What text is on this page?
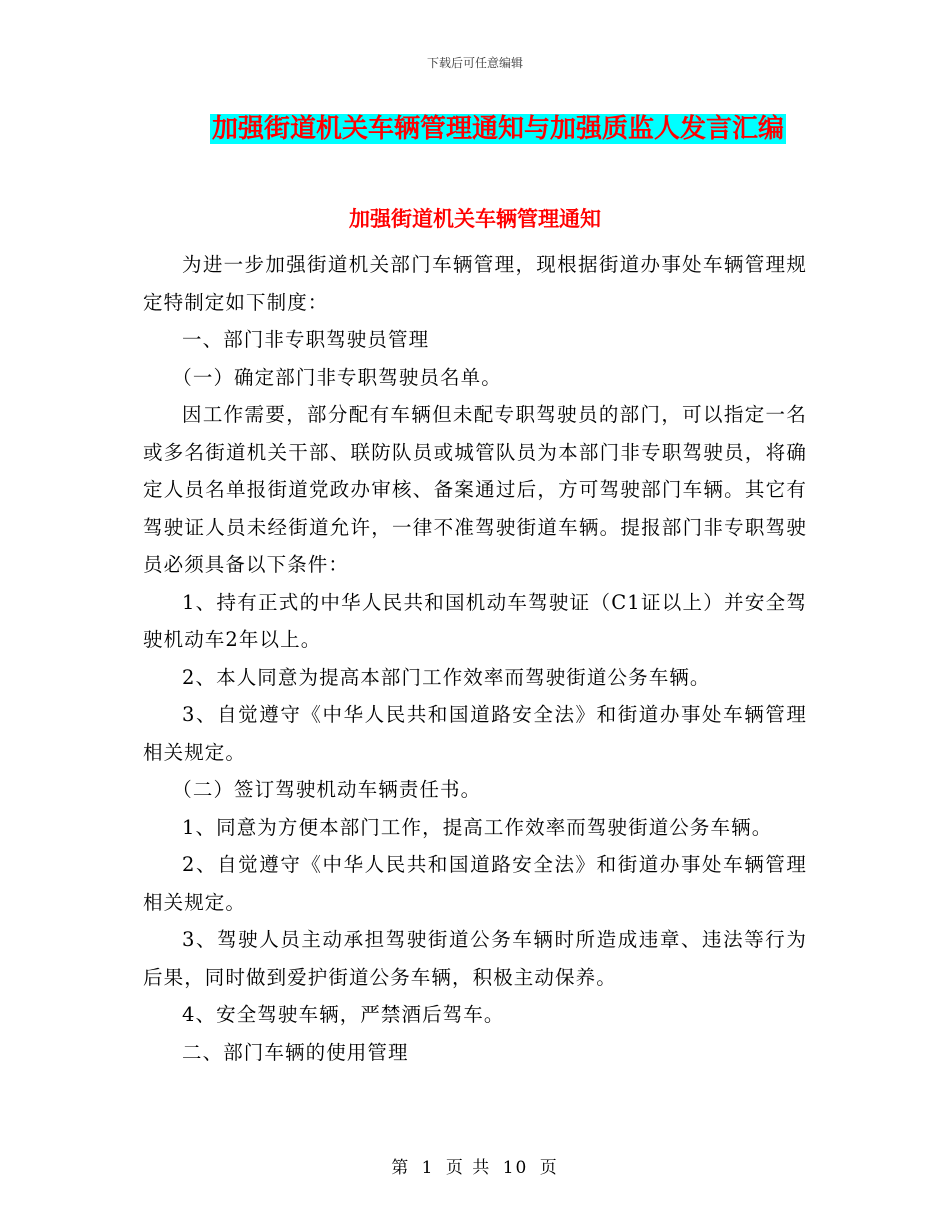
下载后可任意编辑
加强街道机关车辆管理通知与加强质监人发言汇编
加强街道机关车辆管理通知

为进一步加强街道机关部门车辆管理，现根据街道办事处车辆管理规定特制定如下制度：

一、部门非专职驾驶员管理

（一）确定部门非专职驾驶员名单。

因工作需要，部分配有车辆但未配专职驾驶员的部门，可以指定一名或多名街道机关干部、联防队员或城管队员为本部门非专职驾驶员，将确定人员名单报街道党政办审核、备案通过后，方可驾驶部门车辆。其它有驾驶证人员未经街道允许，一律不准驾驶街道车辆。提报部门非专职驾驶员必须具备以下条件：

1、持有正式的中华人民共和国机动车驾驶证（C1证以上）并安全驾驶机动车2年以上。

2、本人同意为提高本部门工作效率而驾驶街道公务车辆。

3、自觉遵守《中华人民共和国道路安全法》和街道办事处车辆管理相关规定。

（二）签订驾驶机动车辆责任书。

1、同意为方便本部门工作，提高工作效率而驾驶街道公务车辆。

2、自觉遵守《中华人民共和国道路安全法》和街道办事处车辆管理相关规定。

3、驾驶人员主动承担驾驶街道公务车辆时所造成违章、违法等行为后果，同时做到爱护街道公务车辆，积极主动保养。

4、安全驾驶车辆，严禁酒后驾车。

二、部门车辆的使用管理

第 1 页 共 10 页
